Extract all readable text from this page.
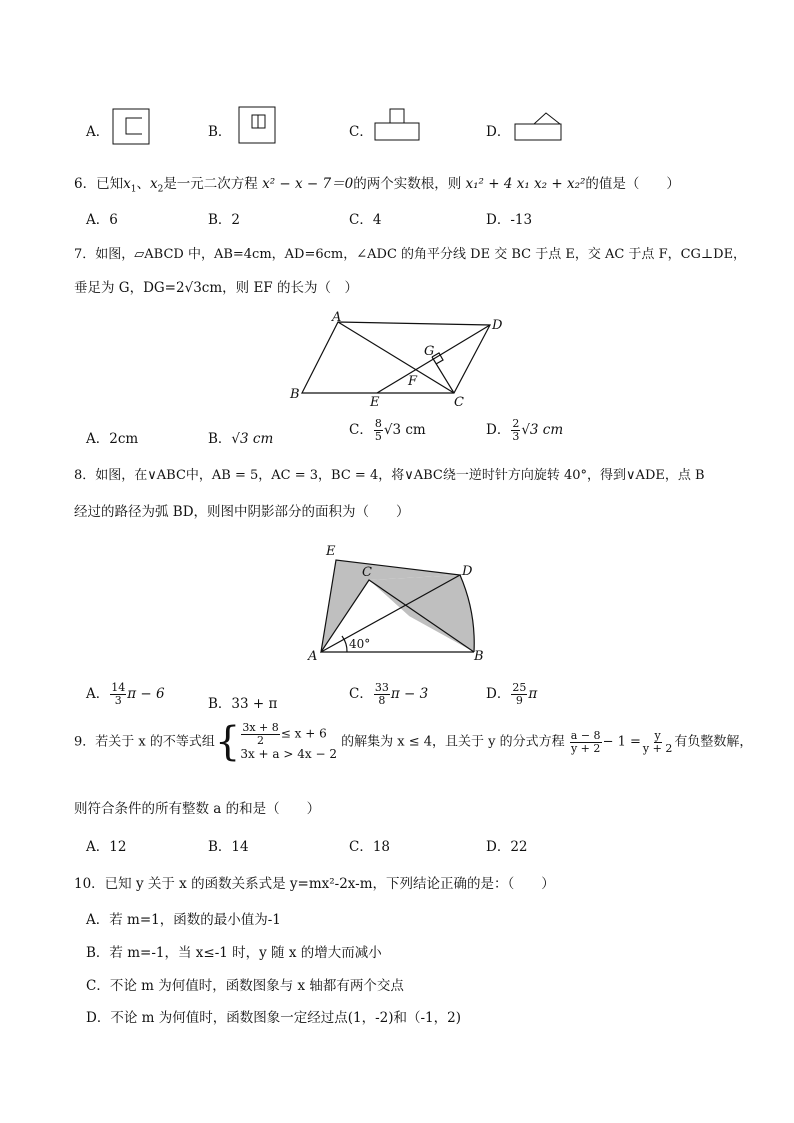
A．	B．	C．	D．
6．已知$x_1$、$x_2$是一元二次方程 x² − x − 7＝0的两个实数根，则 x₁² + 4 x₁ x₂ + x₂²的值是（　　）
A．6	B．2	C．4	D．-13
7．如图，▱ABCD 中，AB=4cm，AD=6cm，∠ADC 的角平分线 DE 交 BC 于点 E，交 AC 于点 F，CG⊥DE，
垂足为 G，DG=2√3cm，则 EF 的长为（　）
A
D
B
C
E
F
G
A．2cm	B．√3 cm
C． $\frac{8}{5} √3$ cm	D． $\frac{2}{3} √3$ cm
8．如图，在∨ABC中，AB = 5，AC = 3，BC = 4，将∨ABC绕一逆时针方向旋转 40°，得到∨ADE，点 B
经过的路径为弧 BD，则图中阴影部分的面积为（　　）
E
C	D
A	B
40°
A． $\frac{14}{3}$ π − 6
B．33 + π
C． $\frac{33}{8}$ π − 3	D． $\frac{25}{9}$ π
9．若关于 x 的不等式组{ $\frac{3x + 8}{2} \le x + 6$
3x + a > 4x − 2
的解集为 x ≤ 4，且关于 y 的分式方程 $\frac{a - 8}{y + 2} - 1 = \frac{y}{y + 2}$ 有负整数解，
则符合条件的所有整数 a 的和是（　　）
A．12	B．14	C．18	D．22
10．已知 y 关于 x 的函数关系式是 y=mx²-2x-m，下列结论正确的是：（　　）
A．若 m=1，函数的最小值为-1
B．若 m=-1，当 x≤-1 时，y 随 x 的增大而减小
C．不论 m 为何值时，函数图象与 x 轴都有两个交点
D．不论 m 为何值时，函数图象一定经过点(1，-2)和（-1，2)
